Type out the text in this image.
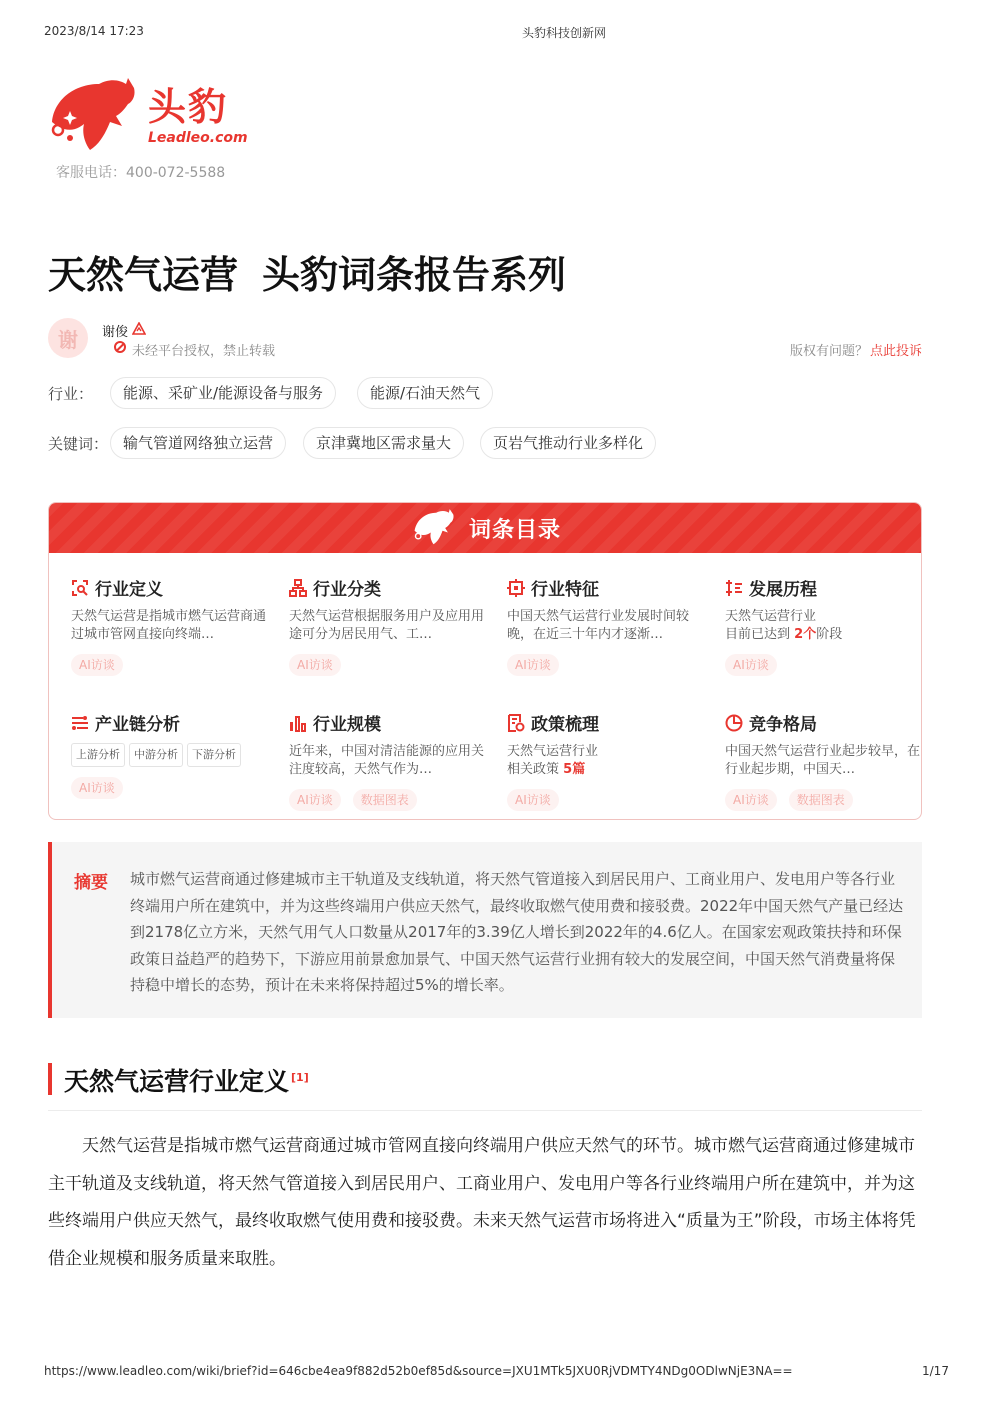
2023/8/14 17:23	头豹科技创新网
头豹
Leadleo.com
客服电话：400-072-5588
天然气运营 头豹词条报告系列
谢	谢俊
未经平台授权，禁止转载	版权有问题？ 点此投诉
行业：	能源、采矿业/能源设备与服务	能源/石油天然气
关键词： 输气管道网络独立运营	京津冀地区需求量大	页岩气推动行业多样化
词条目录
行业定义
天然气运营是指城市燃气运营商通过城市管网直接向终端…
AI访谈
行业分类
天然气运营根据服务用户及应用用途可分为居民用气、工…
AI访谈
行业特征
中国天然气运营行业发展时间较晚，在近三十年内才逐渐…
AI访谈
发展历程
天然气运营行业
目前已达到 2个阶段
AI访谈
产业链分析
上游分析	中游分析	下游分析
AI访谈
行业规模
近年来，中国对清洁能源的应用关注度较高，天然气作为…
AI访谈	数据图表
政策梳理
天然气运营行业
相关政策 5篇
AI访谈
竞争格局
中国天然气运营行业起步较早，在行业起步期，中国天…
AI访谈	数据图表
摘要 城市燃气运营商通过修建城市主干轨道及支线轨道，将天然气管道接入到居民用户、工商业用户、发电用户等各行业终端用户所在建筑中，并为这些终端用户供应天然气，最终收取燃气使用费和接驳费。2022年中国天然气产量已经达到2178亿立方米，天然气用气人口数量从2017年的3.39亿人增长到2022年的4.6亿人。在国家宏观政策扶持和环保政策日益趋严的趋势下，下游应用前景愈加景气、中国天然气运营行业拥有较大的发展空间，中国天然气消费量将保持稳中增长的态势，预计在未来将保持超过5%的增长率。
天然气运营行业定义 [1]
天然气运营是指城市燃气运营商通过城市管网直接向终端用户供应天然气的环节。城市燃气运营商通过修建城市主干轨道及支线轨道，将天然气管道接入到居民用户、工商业用户、发电用户等各行业终端用户所在建筑中，并为这些终端用户供应天然气，最终收取燃气使用费和接驳费。未来天然气运营市场将进入“质量为王”阶段，市场主体将凭借企业规模和服务质量来取胜。
https://www.leadleo.com/wiki/brief?id=646cbe4ea9f882d52b0ef85d&source=JXU1MTk5JXU0RjVDMTY4NDg0ODlwNjE3NA==	1/17
